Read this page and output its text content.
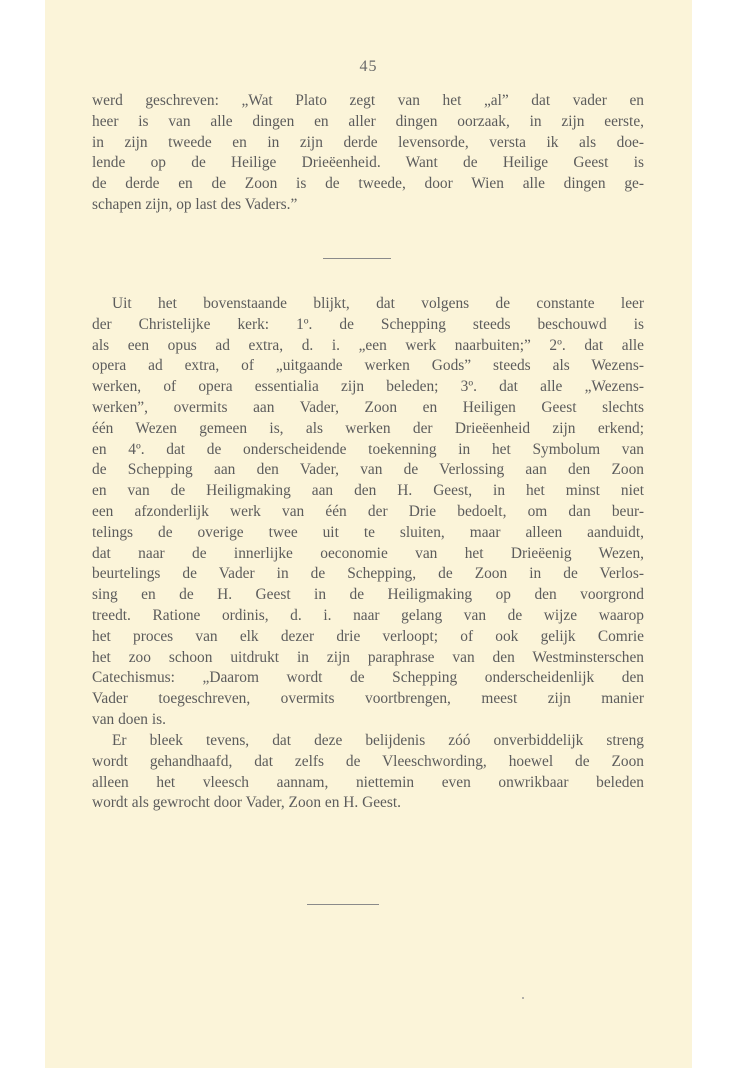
45
werd geschreven: „Wat Plato zegt van het „al” dat vader en
heer is van alle dingen en aller dingen oorzaak, in zijn eerste,
in zijn tweede en in zijn derde levensorde, versta ik als doe-
lende op de Heilige Drieëenheid. Want de Heilige Geest is
de derde en de Zoon is de tweede, door Wien alle dingen ge-
schapen zijn, op last des Vaders.”
Uit het bovenstaande blijkt, dat volgens de constante leer
der Christelijke kerk: 1º. de Schepping steeds beschouwd is
als een opus ad extra, d. i. „een werk naarbuiten;” 2º. dat alle
opera ad extra, of „uitgaande werken Gods” steeds als Wezens-
werken, of opera essentialia zijn beleden; 3º. dat alle „Wezens-
werken”, overmits aan Vader, Zoon en Heiligen Geest slechts
één Wezen gemeen is, als werken der Drieëenheid zijn erkend;
en 4º. dat de onderscheidende toekenning in het Symbolum van
de Schepping aan den Vader, van de Verlossing aan den Zoon
en van de Heiligmaking aan den H. Geest, in het minst niet
een afzonderlijk werk van één der Drie bedoelt, om dan beur-
telings de overige twee uit te sluiten, maar alleen aanduidt,
dat naar de innerlijke oeconomie van het Drieëenig Wezen,
beurtelings de Vader in de Schepping, de Zoon in de Verlos-
sing en de H. Geest in de Heiligmaking op den voorgrond
treedt. Ratione ordinis, d. i. naar gelang van de wijze waarop
het proces van elk dezer drie verloopt; of ook gelijk Comrie
het zoo schoon uitdrukt in zijn paraphrase van den Westminsterschen
Catechismus: „Daarom wordt de Schepping onderscheidenlijk den
Vader toegeschreven, overmits voortbrengen, meest zijn manier
van doen is.
Er bleek tevens, dat deze belijdenis zóó onverbiddelijk streng
wordt gehandhaafd, dat zelfs de Vleeschwording, hoewel de Zoon
alleen het vleesch aannam, niettemin even onwrikbaar beleden
wordt als gewrocht door Vader, Zoon en H. Geest.
